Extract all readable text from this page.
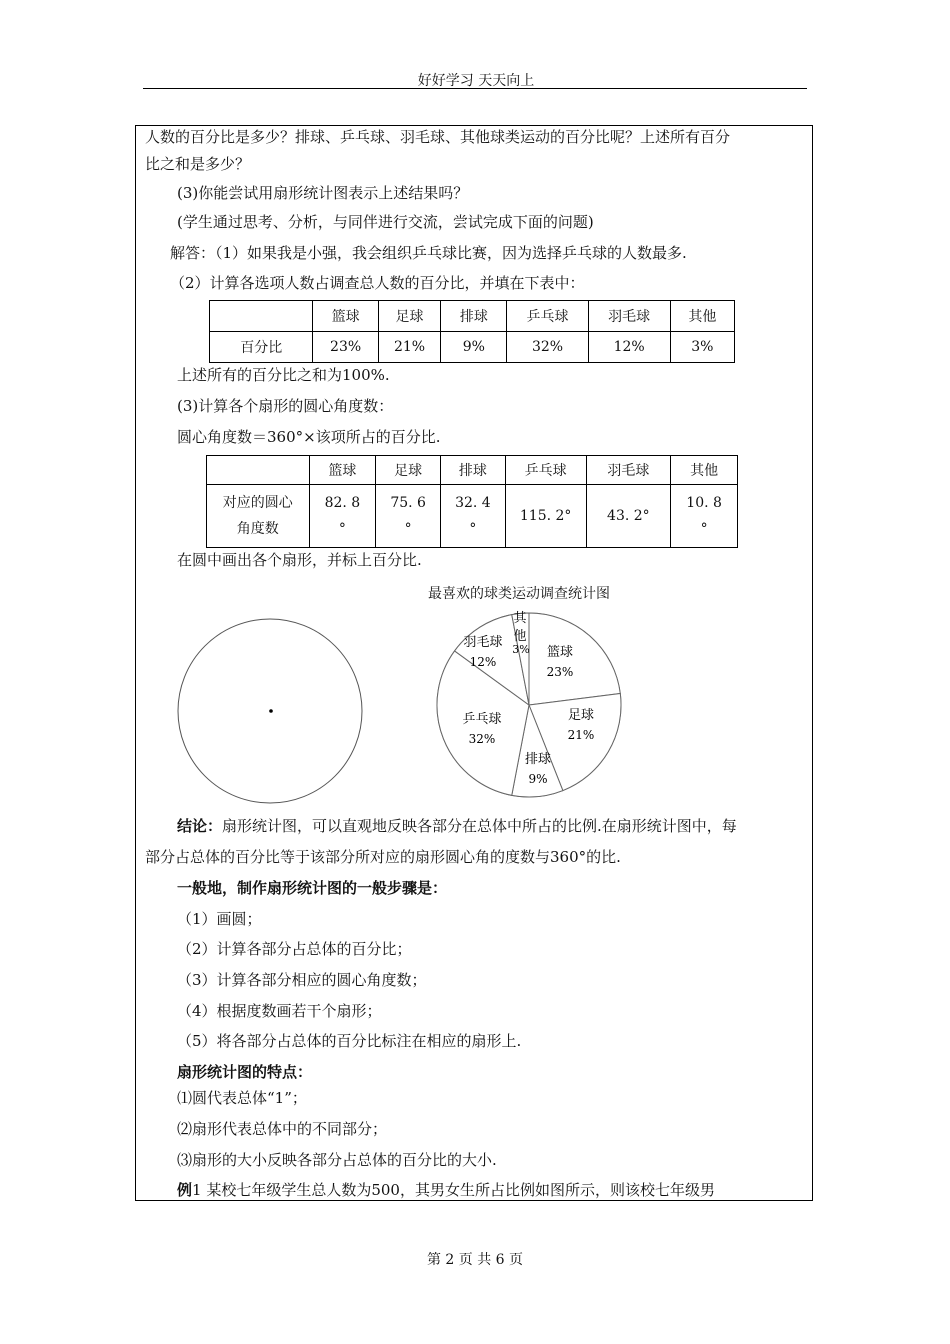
好好学习 天天向上
人数的百分比是多少？排球、乒乓球、羽毛球、其他球类运动的百分比呢？上述所有百分
比之和是多少？
(3)你能尝试用扇形统计图表示上述结果吗？
(学生通过思考、分析，与同伴进行交流，尝试完成下面的问题)
解答：（1）如果我是小强，我会组织乒乓球比赛，因为选择乒乓球的人数最多.
（2）计算各选项人数占调查总人数的百分比，并填在下表中：
	篮球	足球	排球	乒乓球	羽毛球	其他
百分比	23%	21%	9%	32%	12%	3%
上述所有的百分比之和为100%.
(3)计算各个扇形的圆心角度数：
圆心角度数＝360°×该项所占的百分比.
	篮球	足球	排球	乒乓球	羽毛球	其他
对应的圆心
角度数	82. 8
°	75. 6
°	32. 4
°	115. 2°	43. 2°	10. 8
°
在圆中画出各个扇形，并标上百分比.
最喜欢的球类运动调查统计图
篮球
23%
足球
21%
排球
9%
乒乓球
32%
羽毛球
12%
其
他
3%
结论：扇形统计图，可以直观地反映各部分在总体中所占的比例.在扇形统计图中，每
部分占总体的百分比等于该部分所对应的扇形圆心角的度数与360°的比.
一般地，制作扇形统计图的一般步骤是：
（1）画圆；
（2）计算各部分占总体的百分比；
（3）计算各部分相应的圆心角度数；
（4）根据度数画若干个扇形；
（5）将各部分占总体的百分比标注在相应的扇形上.
扇形统计图的特点：
⑴圆代表总体“1”；
⑵扇形代表总体中的不同部分；
⑶扇形的大小反映各部分占总体的百分比的大小.
例1 某校七年级学生总人数为500，其男女生所占比例如图所示，则该校七年级男
第 2 页 共 6 页
